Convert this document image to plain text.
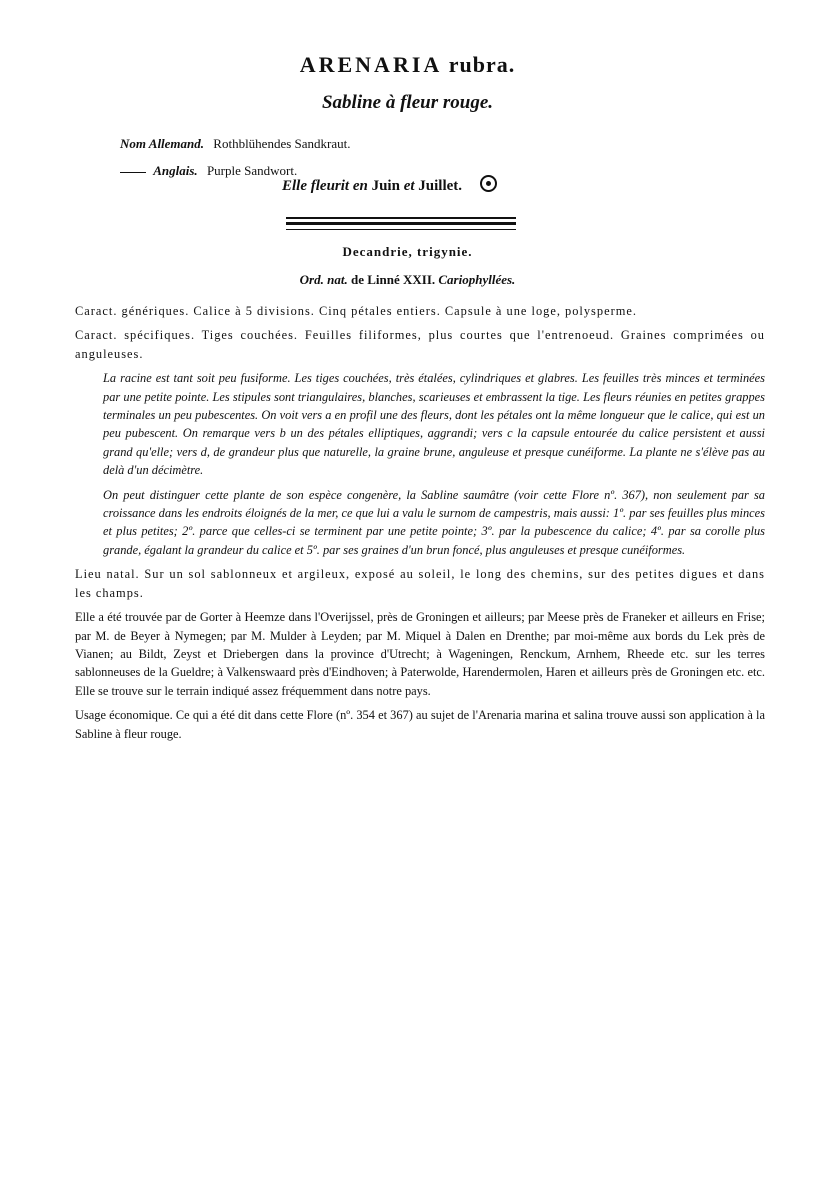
ARENARIA rubra.
Sabline à fleur rouge.
Nom Allemand. Rothblühendes Sandkraut.
Anglais. Purple Sandwort.
Elle fleurit en Juin et Juillet.
Decandrie, trigynie.
Ord. nat. de Linné XXII. Cariophyllées.

Caract. génériques. Calice à 5 divisions. Cinq pétales entiers. Capsule à une loge, polysperme.

Caract. spécifiques. Tiges couchées. Feuilles filiformes, plus courtes que l'entrenoeud. Graines comprimées ou anguleuses.

La racine est tant soit peu fusiforme. Les tiges couchées, très étalées, cylindriques et glabres. Les feuilles très minces et terminées par une petite pointe. Les stipules sont triangulaires, blanches, scarieuses et embrassent la tige. Les fleurs réunies en petites grappes terminales un peu pubescentes. On voit vers a en profil une des fleurs, dont les pétales ont la même longueur que le calice, qui est un peu pubescent. On remarque vers b un des pétales elliptiques, aggrandi; vers c la capsule entourée du calice persistent et aussi grand qu'elle; vers d, de grandeur plus que naturelle, la graine brune, anguleuse et presque cunéiforme. La plante ne s'élève pas au delà d'un décimètre.

On peut distinguer cette plante de son espèce congenère, la Sabline saumâtre (voir cette Flore nº. 367), non seulement par sa croissance dans les endroits éloignés de la mer, ce que lui a valu le surnom de campestris, mais aussi: 1º. par ses feuilles plus minces et plus petites; 2º. parce que celles-ci se terminent par une petite pointe; 3º. par la pubescence du calice; 4º. par sa corolle plus grande, égalant la grandeur du calice et 5º. par ses graines d'un brun foncé, plus anguleuses et presque cunéiformes.

Lieu natal. Sur un sol sablonneux et argileux, exposé au soleil, le long des chemins, sur des petites digues et dans les champs.

Elle a été trouvée par de Gorter à Heemze dans l'Overijssel, près de Groningen et ailleurs; par Meese près de Franeker et ailleurs en Frise; par M. de Beyer à Nymegen; par M. Mulder à Leyden; par M. Miquel à Dalen en Drenthe; par moi-même aux bords du Lek près de Vianen; au Bildt, Zeyst et Driebergen dans la province d'Utrecht; à Wageningen, Renckum, Arnhem, Rheede etc. sur les terres sablonneuses de la Gueldre; à Valkenswaard près d'Eindhoven; à Paterwolde, Harendermolen, Haren et ailleurs près de Groningen etc. etc. Elle se trouve sur le terrain indiqué assez fréquemment dans notre pays.

Usage économique. Ce qui a été dit dans cette Flore (nº. 354 et 367) au sujet de l'Arenaria marina et salina trouve aussi son application à la Sabline à fleur rouge.
